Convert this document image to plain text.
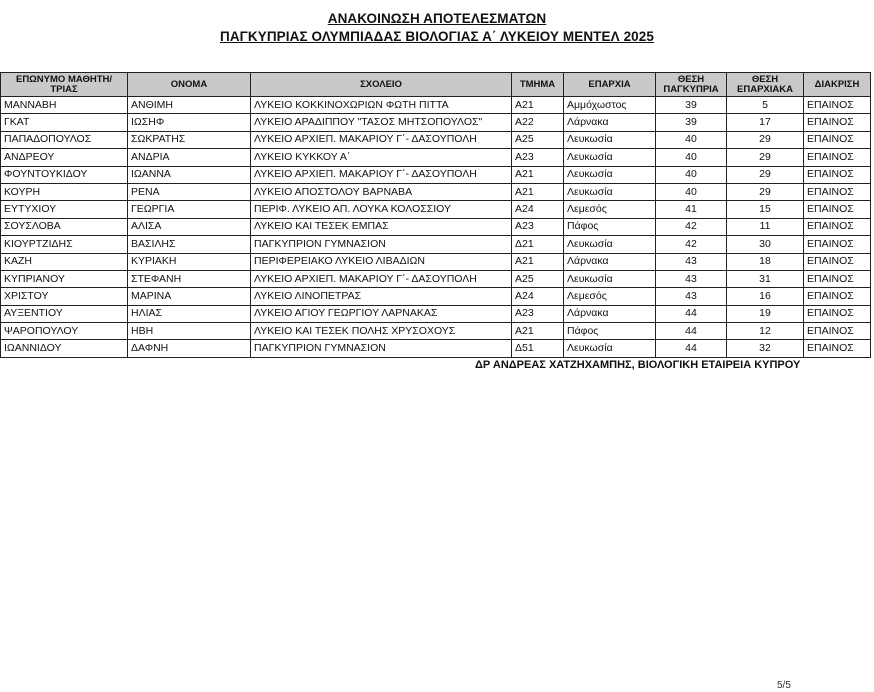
ΑΝΑΚΟΙΝΩΣΗ ΑΠΟΤΕΛΕΣΜΑΤΩΝ
ΠΑΓΚΥΠΡΙΑΣ ΟΛΥΜΠΙΑΔΑΣ ΒΙΟΛΟΓΙΑΣ Α΄ ΛΥΚΕΙΟΥ ΜΕΝΤΕΛ 2025
ΕΠΩΝΥΜΟ ΜΑΘΗΤΗ/ΤΡΙΑΣ	ΟΝΟΜΑ	ΣΧΟΛΕΙΟ	ΤΜΗΜΑ	ΕΠΑΡΧΙΑ	ΘΕΣΗ ΠΑΓΚΥΠΡΙΑ	ΘΕΣΗ ΕΠΑΡΧΙΑΚΑ	ΔΙΑΚΡΙΣΗ
ΜΑΝΝΑΒΗ	ΑΝΘΙΜΗ	ΛΥΚΕΙΟ ΚΟΚΚΙΝΟΧΩΡΙΩΝ ΦΩΤΗ ΠΙΤΤΑ	Α21	Αμμόχωστος	39	5	ΕΠΑΙΝΟΣ
ΓΚΑΤ	ΙΩΣΗΦ	ΛΥΚΕΙΟ ΑΡΑΔΙΠΠΟΥ "ΤΑΣΟΣ ΜΗΤΣΟΠΟΥΛΟΣ"	Α22	Λάρνακα	39	17	ΕΠΑΙΝΟΣ
ΠΑΠΑΔΟΠΟΥΛΟΣ	ΣΩΚΡΑΤΗΣ	ΛΥΚΕΙΟ ΑΡΧΙΕΠ. ΜΑΚΑΡΙΟΥ Γ΄- ΔΑΣΟΥΠΟΛΗ	Α25	Λευκωσία	40	29	ΕΠΑΙΝΟΣ
ΑΝΔΡΕΟΥ	ΑΝΔΡΙΑ	ΛΥΚΕΙΟ ΚΥΚΚΟΥ Α΄	Α23	Λευκωσία	40	29	ΕΠΑΙΝΟΣ
ΦΟΥΝΤΟΥΚΙΔΟΥ	ΙΩΑΝΝΑ	ΛΥΚΕΙΟ ΑΡΧΙΕΠ. ΜΑΚΑΡΙΟΥ Γ΄- ΔΑΣΟΥΠΟΛΗ	Α21	Λευκωσία	40	29	ΕΠΑΙΝΟΣ
ΚΟΥΡΗ	ΡΕΝΑ	ΛΥΚΕΙΟ ΑΠΟΣΤΟΛΟΥ ΒΑΡΝΑΒΑ	Α21	Λευκωσία	40	29	ΕΠΑΙΝΟΣ
ΕΥΤΥΧΙΟΥ	ΓΕΩΡΓΙΑ	ΠΕΡΙΦ. ΛΥΚΕΙΟ ΑΠ. ΛΟΥΚΑ ΚΟΛΟΣΣΙΟΥ	Α24	Λεμεσός	41	15	ΕΠΑΙΝΟΣ
ΣΟΥΣΛΟΒΑ	ΑΛΙΣΑ	ΛΥΚΕΙΟ ΚΑΙ ΤΕΣΕΚ ΕΜΠΑΣ	Α23	Πάφος	42	11	ΕΠΑΙΝΟΣ
ΚΙΟΥΡΤΖΙΔΗΣ	ΒΑΣΙΛΗΣ	ΠΑΓΚΥΠΡΙΟΝ ΓΥΜΝΑΣΙΟΝ	Δ21	Λευκωσία	42	30	ΕΠΑΙΝΟΣ
ΚΑΖΗ	ΚΥΡΙΑΚΗ	ΠΕΡΙΦΕΡΕΙΑΚΟ ΛΥΚΕΙΟ ΛΙΒΑΔΙΩΝ	Α21	Λάρνακα	43	18	ΕΠΑΙΝΟΣ
ΚΥΠΡΙΑΝΟΥ	ΣΤΕΦΑΝΗ	ΛΥΚΕΙΟ ΑΡΧΙΕΠ. ΜΑΚΑΡΙΟΥ Γ΄- ΔΑΣΟΥΠΟΛΗ	Α25	Λευκωσία	43	31	ΕΠΑΙΝΟΣ
ΧΡΙΣΤΟΥ	ΜΑΡΙΝΑ	ΛΥΚΕΙΟ ΛΙΝΟΠΕΤΡΑΣ	Α24	Λεμεσός	43	16	ΕΠΑΙΝΟΣ
ΑΥΞΕΝΤΙΟΥ	ΗΛΙΑΣ	ΛΥΚΕΙΟ ΑΓΙΟΥ ΓΕΩΡΓΙΟΥ ΛΑΡΝΑΚΑΣ	Α23	Λάρνακα	44	19	ΕΠΑΙΝΟΣ
ΨΑΡΟΠΟΥΛΟΥ	ΗΒΗ	ΛΥΚΕΙΟ ΚΑΙ ΤΕΣΕΚ ΠΟΛΗΣ ΧΡΥΣΟΧΟΥΣ	Α21	Πάφος	44	12	ΕΠΑΙΝΟΣ
ΙΩΑΝΝΙΔΟΥ	ΔΑΦΝΗ	ΠΑΓΚΥΠΡΙΟΝ ΓΥΜΝΑΣΙΟΝ	Δ51	Λευκωσία	44	32	ΕΠΑΙΝΟΣ
ΔΡ ΑΝΔΡΕΑΣ ΧΑΤΖΗΧΑΜΠΗΣ, ΒΙΟΛΟΓΙΚΗ ΕΤΑΙΡΕΙΑ ΚΥΠΡΟΥ
5/5
